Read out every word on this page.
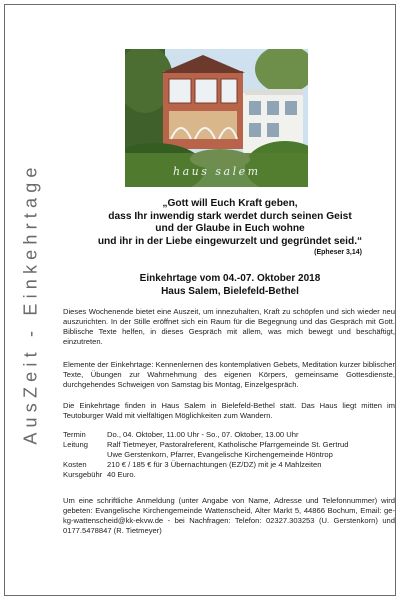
AusZeit - Einkehrtage	haus salem
„Gott will Euch Kraft geben,
dass Ihr inwendig stark werdet durch seinen Geist
und der Glaube in Euch wohne
und ihr in der Liebe eingewurzelt und gegründet seid.“
(Epheser 3,14)
Einkehrtage vom 04.-07. Oktober 2018
Haus Salem, Bielefeld-Bethel

Dieses Wochenende bietet eine Auszeit, um innezuhalten, Kraft zu schöpfen und sich wieder neu auszurichten. In der Stille eröffnet sich ein Raum für die Begegnung und das Gespräch mit Gott. Biblische Texte helfen, in dieses Gespräch mit allem, was mich bewegt und beschäftigt, einzutreten.

Elemente der Einkehrtage: Kennenlernen des kontemplativen Gebets, Meditation kurzer biblischer Texte, Übungen zur Wahrnehmung des eigenen Körpers, gemeinsame Gottesdienste, durchgehendes Schweigen von Samstag bis Montag, Einzelgespräch.

Die Einkehrtage finden in Haus Salem in Bielefeld-Bethel statt. Das Haus liegt mitten im Teutoburger Wald mit vielfältigen Möglichkeiten zum Wandern.

Termin	Do., 04. Oktober, 11.00 Uhr - So., 07. Oktober, 13.00 Uhr
Leitung	Ralf Tietmeyer, Pastoralreferent, Katholische Pfarrgemeinde St. Gertrud
Uwe Gerstenkorn, Pfarrer, Evangelische Kirchengemeinde Höntrop
Kosten	210 € / 185 € für 3 Übernachtungen (EZ/DZ) mit je 4 Mahlzeiten
Kursgebühr 40 Euro.

Um eine schriftliche Anmeldung (unter Angabe von Name, Adresse und Telefonnummer) wird gebeten: Evangelische Kirchengemeinde Wattenscheid, Alter Markt 5, 44866 Bochum, Email: ge-kg-wattenscheid@kk-ekvw.de - bei Nachfragen: Telefon: 02327.303253 (U. Gerstenkorn) und 0177.5478847 (R. Tietmeyer)
